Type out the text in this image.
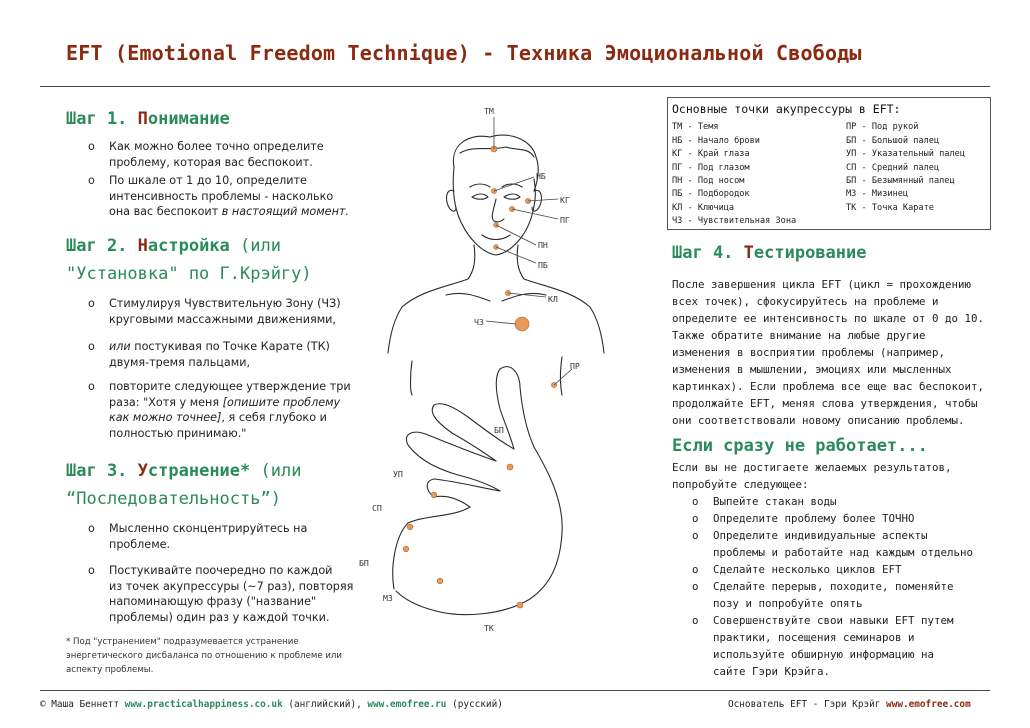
EFT (Emotional Freedom Technique) - Техника Эмоциональной Свободы
Шаг 1. Понимание
o Как можно более точно определите
проблему, которая вас беспокоит.
o По шкале от 1 до 10, определите
интенсивность проблемы - насколько
она вас беспокоит в настоящий момент.
Шаг 2. Настройка (или
"Установка" по Г.Крэйгу)
o Стимулируя Чувствительную Зону (ЧЗ)
круговыми массажными движениями,
o или постукивая по Точке Карате (ТК)
двумя-тремя пальцами,
o повторите следующее утверждение три
раза: "Хотя у меня [опишите проблему
как можно точнее], я себя глубоко и
полностью принимаю."
Шаг 3. Устранение* (или
“Последовательность”)
o Мысленно сконцентрируйтесь на
проблеме.
o Постукивайте поочередно по каждой
из точек акупрессуры (~7 раз), повторяя
напоминающую фразу ("название"
проблемы) один раз у каждой точки.
* Под "устранением" подразумевается устранение
энергетического дисбаланса по отношению к проблеме или
аспекту проблемы.
ТМ
НБ
КГ
ПГ
ПН
ПБ
КЛ
ЧЗ
ПР
БП
УП
СП
БП
МЗ
ТК
Основные точки акупрессуры в EFT:
ТМ - Темя
НБ - Начало брови
КГ - Край глаза
ПГ - Под глазом
ПН - Под носом
ПБ - Подбородок
КЛ - Ключица
ЧЗ - Чувствительная Зона
ПР - Под рукой
БП - Большой палец
УП - Указательный палец
СП - Средний палец
БП - Безымянный палец
МЗ - Мизинец
ТК - Точка Карате
Шаг 4. Тестирование
После завершения цикла EFT (цикл = прохождению
всех точек), сфокусируйтесь на проблеме и
определите ее интенсивность по шкале от 0 до 10.
Также обратите внимание на любые другие
изменения в восприятии проблемы (например,
изменения в мышлении, эмоциях или мысленных
картинках). Если проблема все еще вас беспокоит,
продолжайте EFT, меняя слова утверждения, чтобы
они соответствовали новому описанию проблемы.
Если сразу не работает...
Если вы не достигаете желаемых результатов,
попробуйте следующее:
o Выпейте стакан воды
o Определите проблему более ТОЧНО
o Определите индивидуальные аспекты
проблемы и работайте над каждым отдельно
o Сделайте несколько циклов EFT
o Сделайте перерыв, походите, поменяйте
позу и попробуйте опять
o Совершенствуйте свои навыки EFT путем
практики, посещения семинаров и
используйте обширную информацию на
сайте Гэри Крэйга.
© Маша Беннетт www.practicalhappiness.co.uk (английский), www.emofree.ru (русский)	Основатель EFT - Гэри Крэйг www.emofree.com
